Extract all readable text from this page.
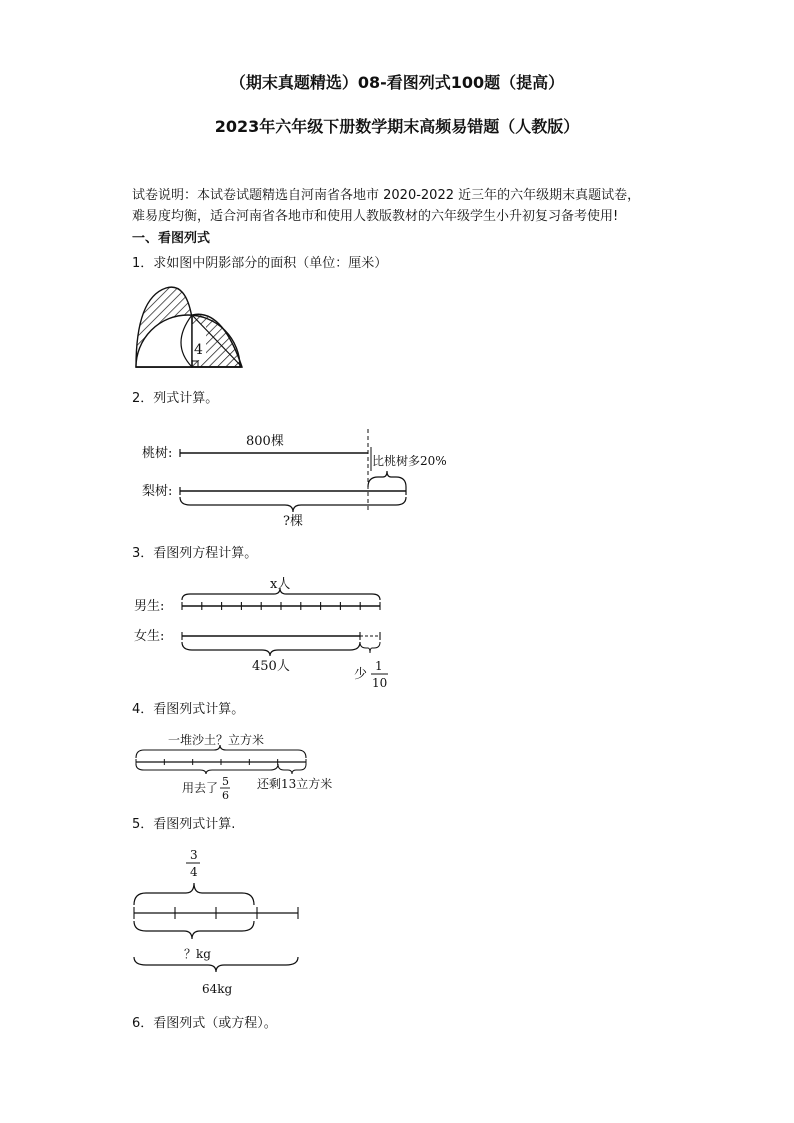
（期末真题精选）08-看图列式100题（提高）
2023年六年级下册数学期末高频易错题（人教版）
试卷说明：本试卷试题精选自河南省各地市 2020-2022 近三年的六年级期末真题试卷，
难易度均衡，适合河南省各地市和使用人教版教材的六年级学生小升初复习备考使用!
一、看图列式
1．求如图中阴影部分的面积（单位：厘米）
4
2．列式计算。
桃树:
梨树:
800棵
比桃树多20%
?棵
3．看图列方程计算。
x人
男生:
女生:
450人
少
1
10
4．看图列式计算。
一堆沙土？立方米
用去了 5
6
还剩13立方米
5．看图列式计算.
3
4
？kg
64kg
6．看图列式（或方程）。
